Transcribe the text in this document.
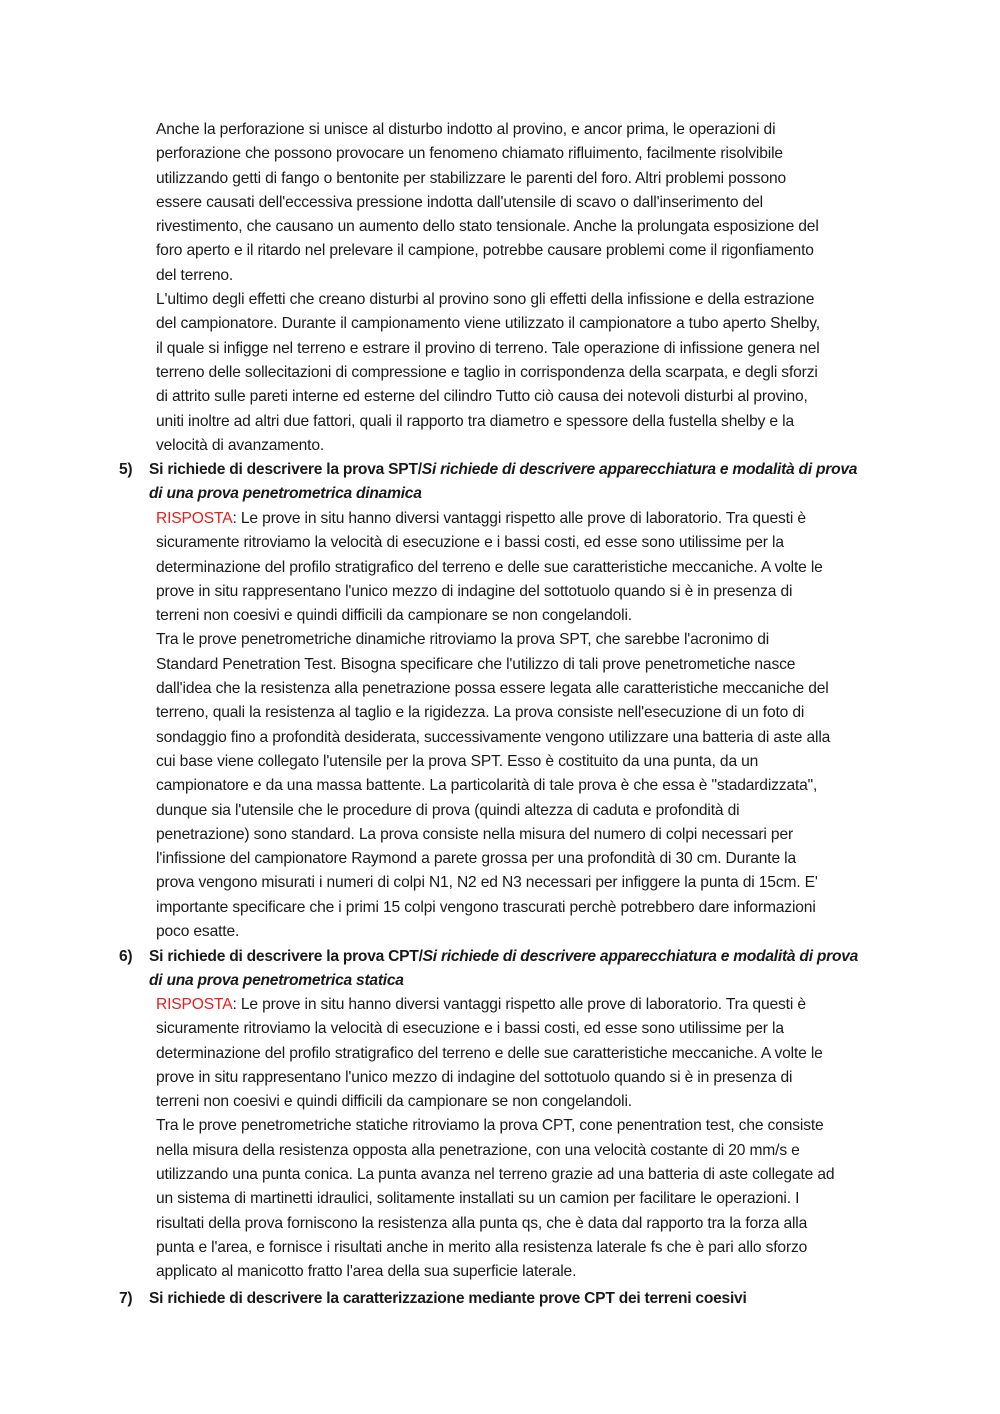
Anche la perforazione si unisce al disturbo indotto al provino, e ancor prima, le operazioni di

perforazione che possono provocare un fenomeno chiamato rifluimento, facilmente risolvibile

utilizzando getti di fango o bentonite per stabilizzare le parenti del foro. Altri problemi possono

essere causati dell'eccessiva pressione indotta dall'utensile di scavo o dall'inserimento del

rivestimento, che causano un aumento dello stato tensionale. Anche la prolungata esposizione del

foro aperto e il ritardo nel prelevare il campione, potrebbe causare problemi come il rigonfiamento

del terreno.

L'ultimo degli effetti che creano disturbi al provino sono gli effetti della infissione e della estrazione

del campionatore. Durante il campionamento viene utilizzato il campionatore a tubo aperto Shelby,

il quale si infigge nel terreno e estrare il provino di terreno. Tale operazione di infissione genera nel

terreno delle sollecitazioni di compressione e taglio in corrispondenza della scarpata, e degli sforzi

di attrito sulle pareti interne ed esterne del cilindro Tutto ciò causa dei notevoli disturbi al provino,

uniti inoltre ad altri due fattori, quali il rapporto tra diametro e spessore della fustella shelby e la

velocità di avanzamento.

5) Si richiede di descrivere la prova SPT/Si richiede di descrivere apparecchiatura e modalità di prova

di una prova penetrometrica dinamica

RISPOSTA: Le prove in situ hanno diversi vantaggi rispetto alle prove di laboratorio. Tra questi è

sicuramente ritroviamo la velocità di esecuzione e i bassi costi, ed esse sono utilissime per la

determinazione del profilo stratigrafico del terreno e delle sue caratteristiche meccaniche. A volte le

prove in situ rappresentano l'unico mezzo di indagine del sottotuolo quando si è in presenza di

terreni non coesivi e quindi difficili da campionare se non congelandoli.

Tra le prove penetrometriche dinamiche ritroviamo la prova SPT, che sarebbe l'acronimo di

Standard Penetration Test. Bisogna specificare che l'utilizzo di tali prove penetrometiche nasce

dall'idea che la resistenza alla penetrazione possa essere legata alle caratteristiche meccaniche del

terreno, quali la resistenza al taglio e la rigidezza. La prova consiste nell'esecuzione di un foto di

sondaggio fino a profondità desiderata, successivamente vengono utilizzare una batteria di aste alla

cui base viene collegato l'utensile per la prova SPT. Esso è costituito da una punta, da un

campionatore e da una massa battente. La particolarità di tale prova è che essa è "stadardizzata",

dunque sia l'utensile che le procedure di prova (quindi altezza di caduta e profondità di

penetrazione) sono standard. La prova consiste nella misura del numero di colpi necessari per

l'infissione del campionatore Raymond a parete grossa per una profondità di 30 cm. Durante la

prova vengono misurati i numeri di colpi N1, N2 ed N3 necessari per infiggere la punta di 15cm. E'

importante specificare che i primi 15 colpi vengono trascurati perchè potrebbero dare informazioni

poco esatte.

6) Si richiede di descrivere la prova CPT/Si richiede di descrivere apparecchiatura e modalità di prova

di una prova penetrometrica statica

RISPOSTA: Le prove in situ hanno diversi vantaggi rispetto alle prove di laboratorio. Tra questi è

sicuramente ritroviamo la velocità di esecuzione e i bassi costi, ed esse sono utilissime per la

determinazione del profilo stratigrafico del terreno e delle sue caratteristiche meccaniche. A volte le

prove in situ rappresentano l'unico mezzo di indagine del sottotuolo quando si è in presenza di

terreni non coesivi e quindi difficili da campionare se non congelandoli.

Tra le prove penetrometriche statiche ritroviamo la prova CPT, cone penentration test, che consiste

nella misura della resistenza opposta alla penetrazione, con una velocità costante di 20 mm/s e

utilizzando una punta conica. La punta avanza nel terreno grazie ad una batteria di aste collegate ad

un sistema di martinetti idraulici, solitamente installati su un camion per facilitare le operazioni. I

risultati della prova forniscono la resistenza alla punta qs, che è data dal rapporto tra la forza alla

punta e l'area, e fornisce i risultati anche in merito alla resistenza laterale fs che è pari allo sforzo

applicato al manicotto fratto l'area della sua superficie laterale.

7) Si richiede di descrivere la caratterizzazione mediante prove CPT dei terreni coesivi
